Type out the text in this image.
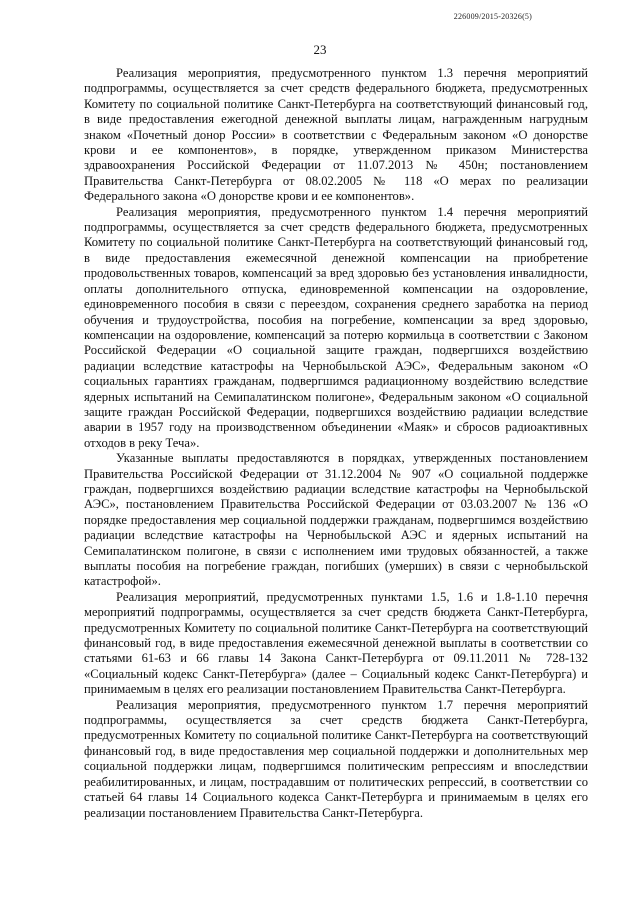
226009/2015-20326(5)
23

Реализация мероприятия, предусмотренного пунктом 1.3 перечня мероприятий подпрограммы, осуществляется за счет средств федерального бюджета, предусмотренных Комитету по социальной политике Санкт-Петербурга на соответствующий финансовый год, в виде предоставления ежегодной денежной выплаты лицам, награжденным нагрудным знаком «Почетный донор России» в соответствии с Федеральным законом «О донорстве крови и ее компонентов», в порядке, утвержденном приказом Министерства здравоохранения Российской Федерации от 11.07.2013 № 450н; постановлением Правительства Санкт-Петербурга от 08.02.2005 № 118 «О мерах по реализации Федерального закона «О донорстве крови и ее компонентов».

Реализация мероприятия, предусмотренного пунктом 1.4 перечня мероприятий подпрограммы, осуществляется за счет средств федерального бюджета, предусмотренных Комитету по социальной политике Санкт-Петербурга на соответствующий финансовый год, в виде предоставления ежемесячной денежной компенсации на приобретение продовольственных товаров, компенсаций за вред здоровью без установления инвалидности, оплаты дополнительного отпуска, единовременной компенсации на оздоровление, единовременного пособия в связи с переездом, сохранения среднего заработка на период обучения и трудоустройства, пособия на погребение, компенсации за вред здоровью, компенсации на оздоровление, компенсаций за потерю кормильца в соответствии с Законом Российской Федерации «О социальной защите граждан, подвергшихся воздействию радиации вследствие катастрофы на Чернобыльской АЭС», Федеральным законом «О социальных гарантиях гражданам, подвергшимся радиационному воздействию вследствие ядерных испытаний на Семипалатинском полигоне», Федеральным законом «О социальной защите граждан Российской Федерации, подвергшихся воздействию радиации вследствие аварии в 1957 году на производственном объединении «Маяк» и сбросов радиоактивных отходов в реку Теча».

Указанные выплаты предоставляются в порядках, утвержденных постановлением Правительства Российской Федерации от 31.12.2004 № 907 «О социальной поддержке граждан, подвергшихся воздействию радиации вследствие катастрофы на Чернобыльской АЭС», постановлением Правительства Российской Федерации от 03.03.2007 № 136 «О порядке предоставления мер социальной поддержки гражданам, подвергшимся воздействию радиации вследствие катастрофы на Чернобыльской АЭС и ядерных испытаний на Семипалатинском полигоне, в связи с исполнением ими трудовых обязанностей, а также выплаты пособия на погребение граждан, погибших (умерших) в связи с чернобыльской катастрофой».

Реализация мероприятий, предусмотренных пунктами 1.5, 1.6 и 1.8-1.10 перечня мероприятий подпрограммы, осуществляется за счет средств бюджета Санкт-Петербурга, предусмотренных Комитету по социальной политике Санкт-Петербурга на соответствующий финансовый год, в виде предоставления ежемесячной денежной выплаты в соответствии со статьями 61-63 и 66 главы 14 Закона Санкт-Петербурга от 09.11.2011 № 728-132 «Социальный кодекс Санкт-Петербурга» (далее – Социальный кодекс Санкт-Петербурга) и принимаемым в целях его реализации постановлением Правительства Санкт-Петербурга.

Реализация мероприятия, предусмотренного пунктом 1.7 перечня мероприятий подпрограммы, осуществляется за счет средств бюджета Санкт-Петербурга, предусмотренных Комитету по социальной политике Санкт-Петербурга на соответствующий финансовый год, в виде предоставления мер социальной поддержки и дополнительных мер социальной поддержки лицам, подвергшимся политическим репрессиям и впоследствии реабилитированных, и лицам, пострадавшим от политических репрессий, в соответствии со статьей 64 главы 14 Социального кодекса Санкт-Петербурга и принимаемым в целях его реализации постановлением Правительства Санкт-Петербурга.
